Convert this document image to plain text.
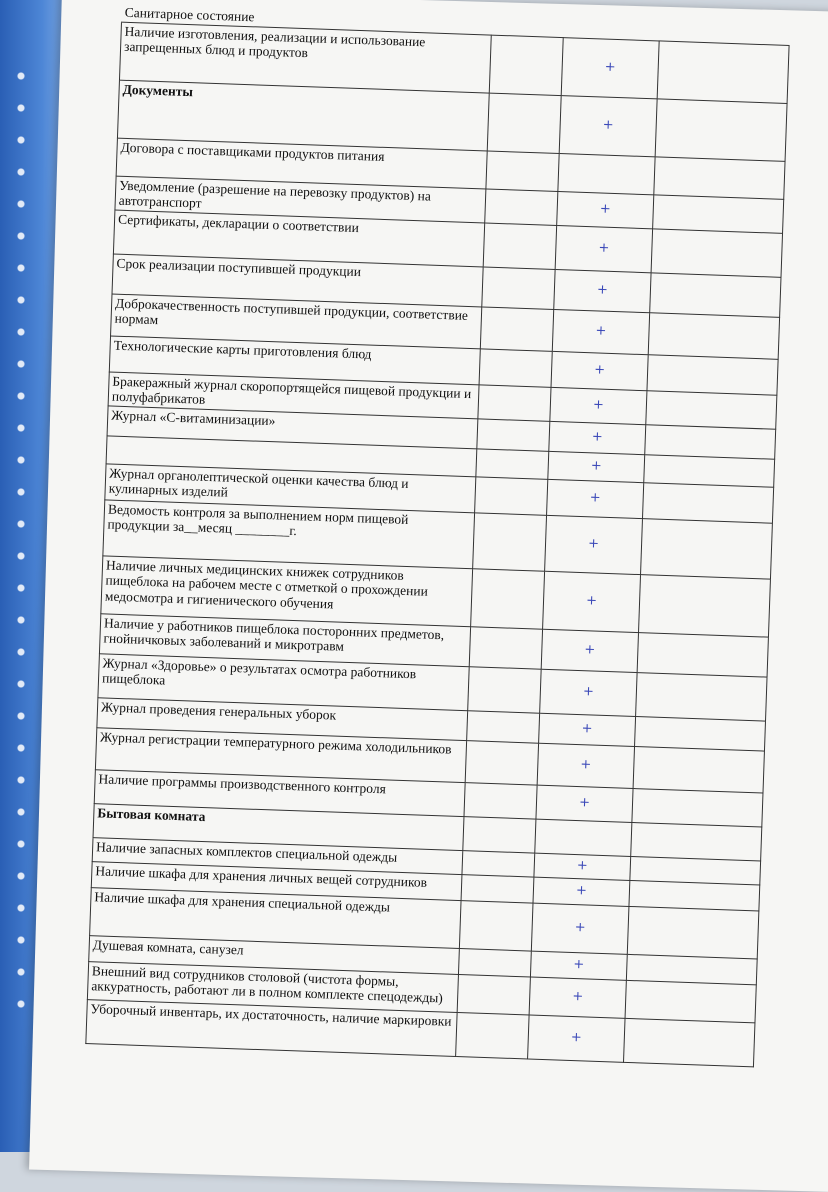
Санитарное состояние			
Наличие изготовления, реализации и использование запрещенных блюд и продуктов		+	
Документы		+	
Договора с поставщиками продуктов питания			
Уведомление (разрешение на перевозку продуктов) на автотранспорт		+	
Сертификаты, декларации о соответствии		+	
Срок реализации поступившей продукции		+	
Доброкачественность поступившей продукции, соответствие нормам		+	
Технологические карты приготовления блюд		+	
Бракеражный журнал скоропортящейся пищевой продукции и полуфабрикатов		+	
Журнал «С-витаминизации»		+	
		+	
Журнал органолептической оценки качества блюд и кулинарных изделий		+	
Ведомость контроля за выполнением норм пищевой продукции за__месяц ________г.		+	
Наличие личных медицинских книжек сотрудников пищеблока на рабочем месте с отметкой о прохождении медосмотра и гигиенического обучения		+	
Наличие у работников пищеблока посторонних предметов, гнойничковых заболеваний и микротравм		+	
Журнал «Здоровье» о результатах осмотра работников пищеблока		+	
Журнал проведения генеральных уборок		+	
Журнал регистрации температурного режима холодильников		+	
Наличие программы производственного контроля		+	
Бытовая комната			
Наличие запасных комплектов специальной одежды		+	
Наличие шкафа для хранения личных вещей сотрудников		+	
Наличие шкафа для хранения специальной одежды		+	
Душевая комната, санузел		+	
Внешний вид сотрудников столовой (чистота формы, аккуратность, работают ли в полном комплекте спецодежды)		+	
Уборочный инвентарь, их достаточность, наличие маркировки		+	
